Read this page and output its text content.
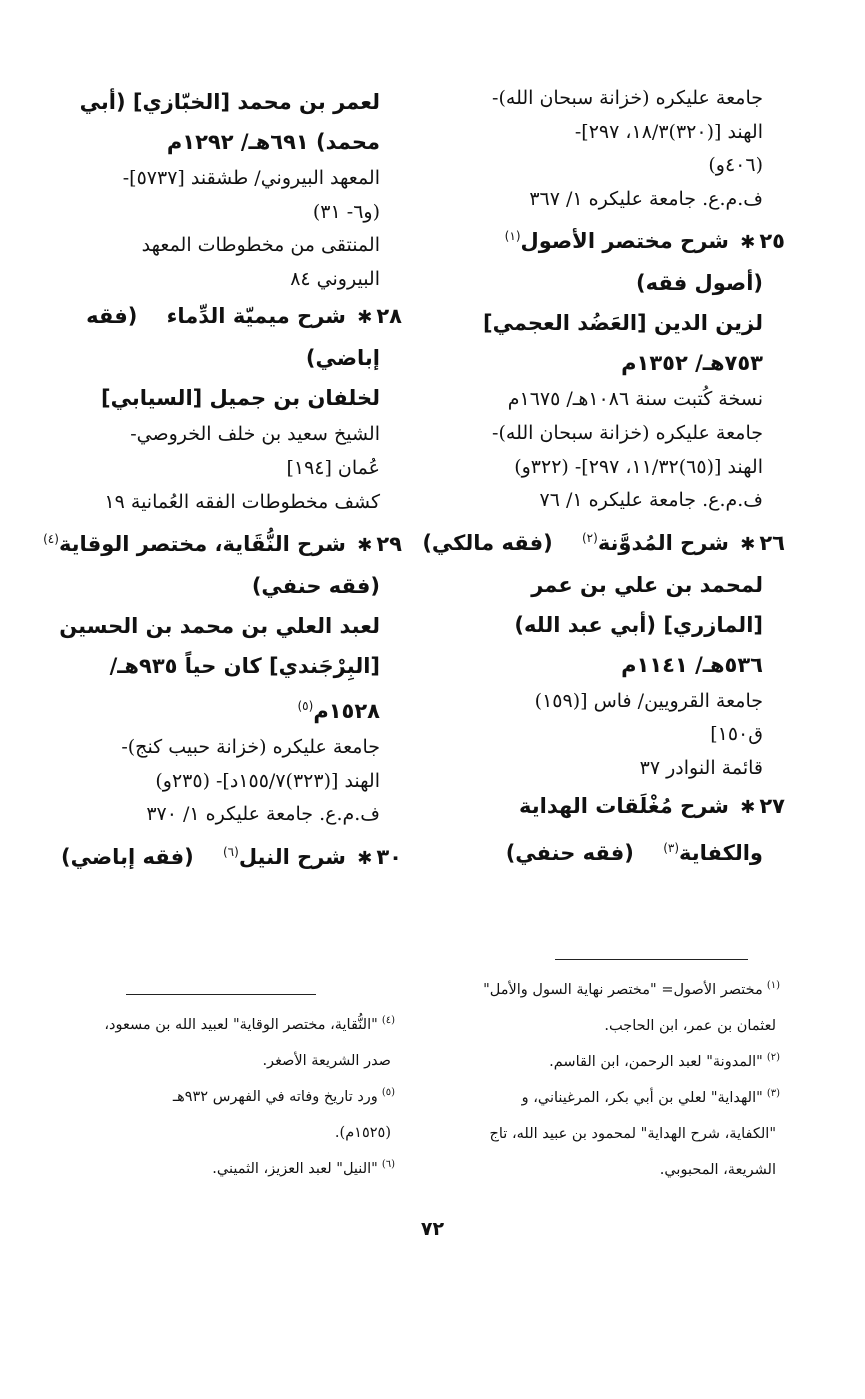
جامعة عليكره (خزانة سبحان الله)-

الهند [(٣٢٠)١٨/٣، ٢٩٧]-

(٤٠٦و)

ف.م.ع. جامعة عليكره ١/ ٣٦٧

٢٥✱ شرح مختصر الأصول$^{(١)}$

(أصول فقه)

لزين الدين [العَضُد العجمي]

٧٥٣هـ/ ١٣٥٢م

نسخة كُتبت سنة ١٠٨٦هـ/ ١٦٧٥م

جامعة عليكره (خزانة سبحان الله)-

الهند [(٦٥)١١/٣٢، ٢٩٧]- (٣٢٢و)

ف.م.ع. جامعة عليكره ١/ ٧٦

٢٦✱ شرح المُدوَّنة$^{(٢)}$ (فقه مالكي)

لمحمد بن علي بن عمر

[المازري] (أبي عبد الله)

٥٣٦هـ/ ١١٤١م

جامعة القرويين/ فاس [(١٥٩)

ق١٥٠]

قائمة النوادر ٣٧

٢٧✱ شرح مُغْلَقات الهداية

والكفاية$^{(٣)}$ (فقه حنفي)

لعمر بن محمد [الخبّازي] (أبي

محمد) ٦٩١هـ/ ١٢٩٢م

المعهد البيروني/ طشقند [٥٧٣٧]-

(و٦- ٣١)

المنتقى من مخطوطات المعهد

البيروني ٨٤

٢٨✱ شرح ميميّة الدِّماء (فقه

إباضي)

لخلفان بن جميل [السيابي]

الشيخ سعيد بن خلف الخروصي-

عُمان [١٩٤]

كشف مخطوطات الفقه العُمانية ١٩

٢٩✱ شرح النُّقَاية، مختصر الوقاية$^{(٤)}$

(فقه حنفي)

لعبد العلي بن محمد بن الحسين

[البِرْجَندي] كان حياً ٩٣٥هـ/

١٥٢٨م$^{(٥)}$

جامعة عليكره (خزانة حبيب كنج)-

الهند [(٣٢٣)١٥٥/٧د]- (٢٣٥و)

ف.م.ع. جامعة عليكره ١/ ٣٧٠

٣٠✱ شرح النيل$^{(٦)}$ (فقه إباضي)

$^{(١)}$مختصر الأصول= "مختصر نهاية السول والأمل"

لعثمان بن عمر، ابن الحاجب.

$^{(٢)}$"المدونة" لعبد الرحمن، ابن القاسم.

$^{(٣)}$"الهداية" لعلي بن أبي بكر، المرغيناني، و

"الكفاية، شرح الهداية" لمحمود بن عبيد الله، تاج

الشريعة، المحبوبي.

$^{(٤)}$"النُّقاية، مختصر الوقاية" لعبيد الله بن مسعود،

صدر الشريعة الأصغر.

$^{(٥)}$ورد تاريخ وفاته في الفهرس ٩٣٢هـ

(١٥٢٥م).

$^{(٦)}$"النيل" لعبد العزيز، الثميني.

٧٢
